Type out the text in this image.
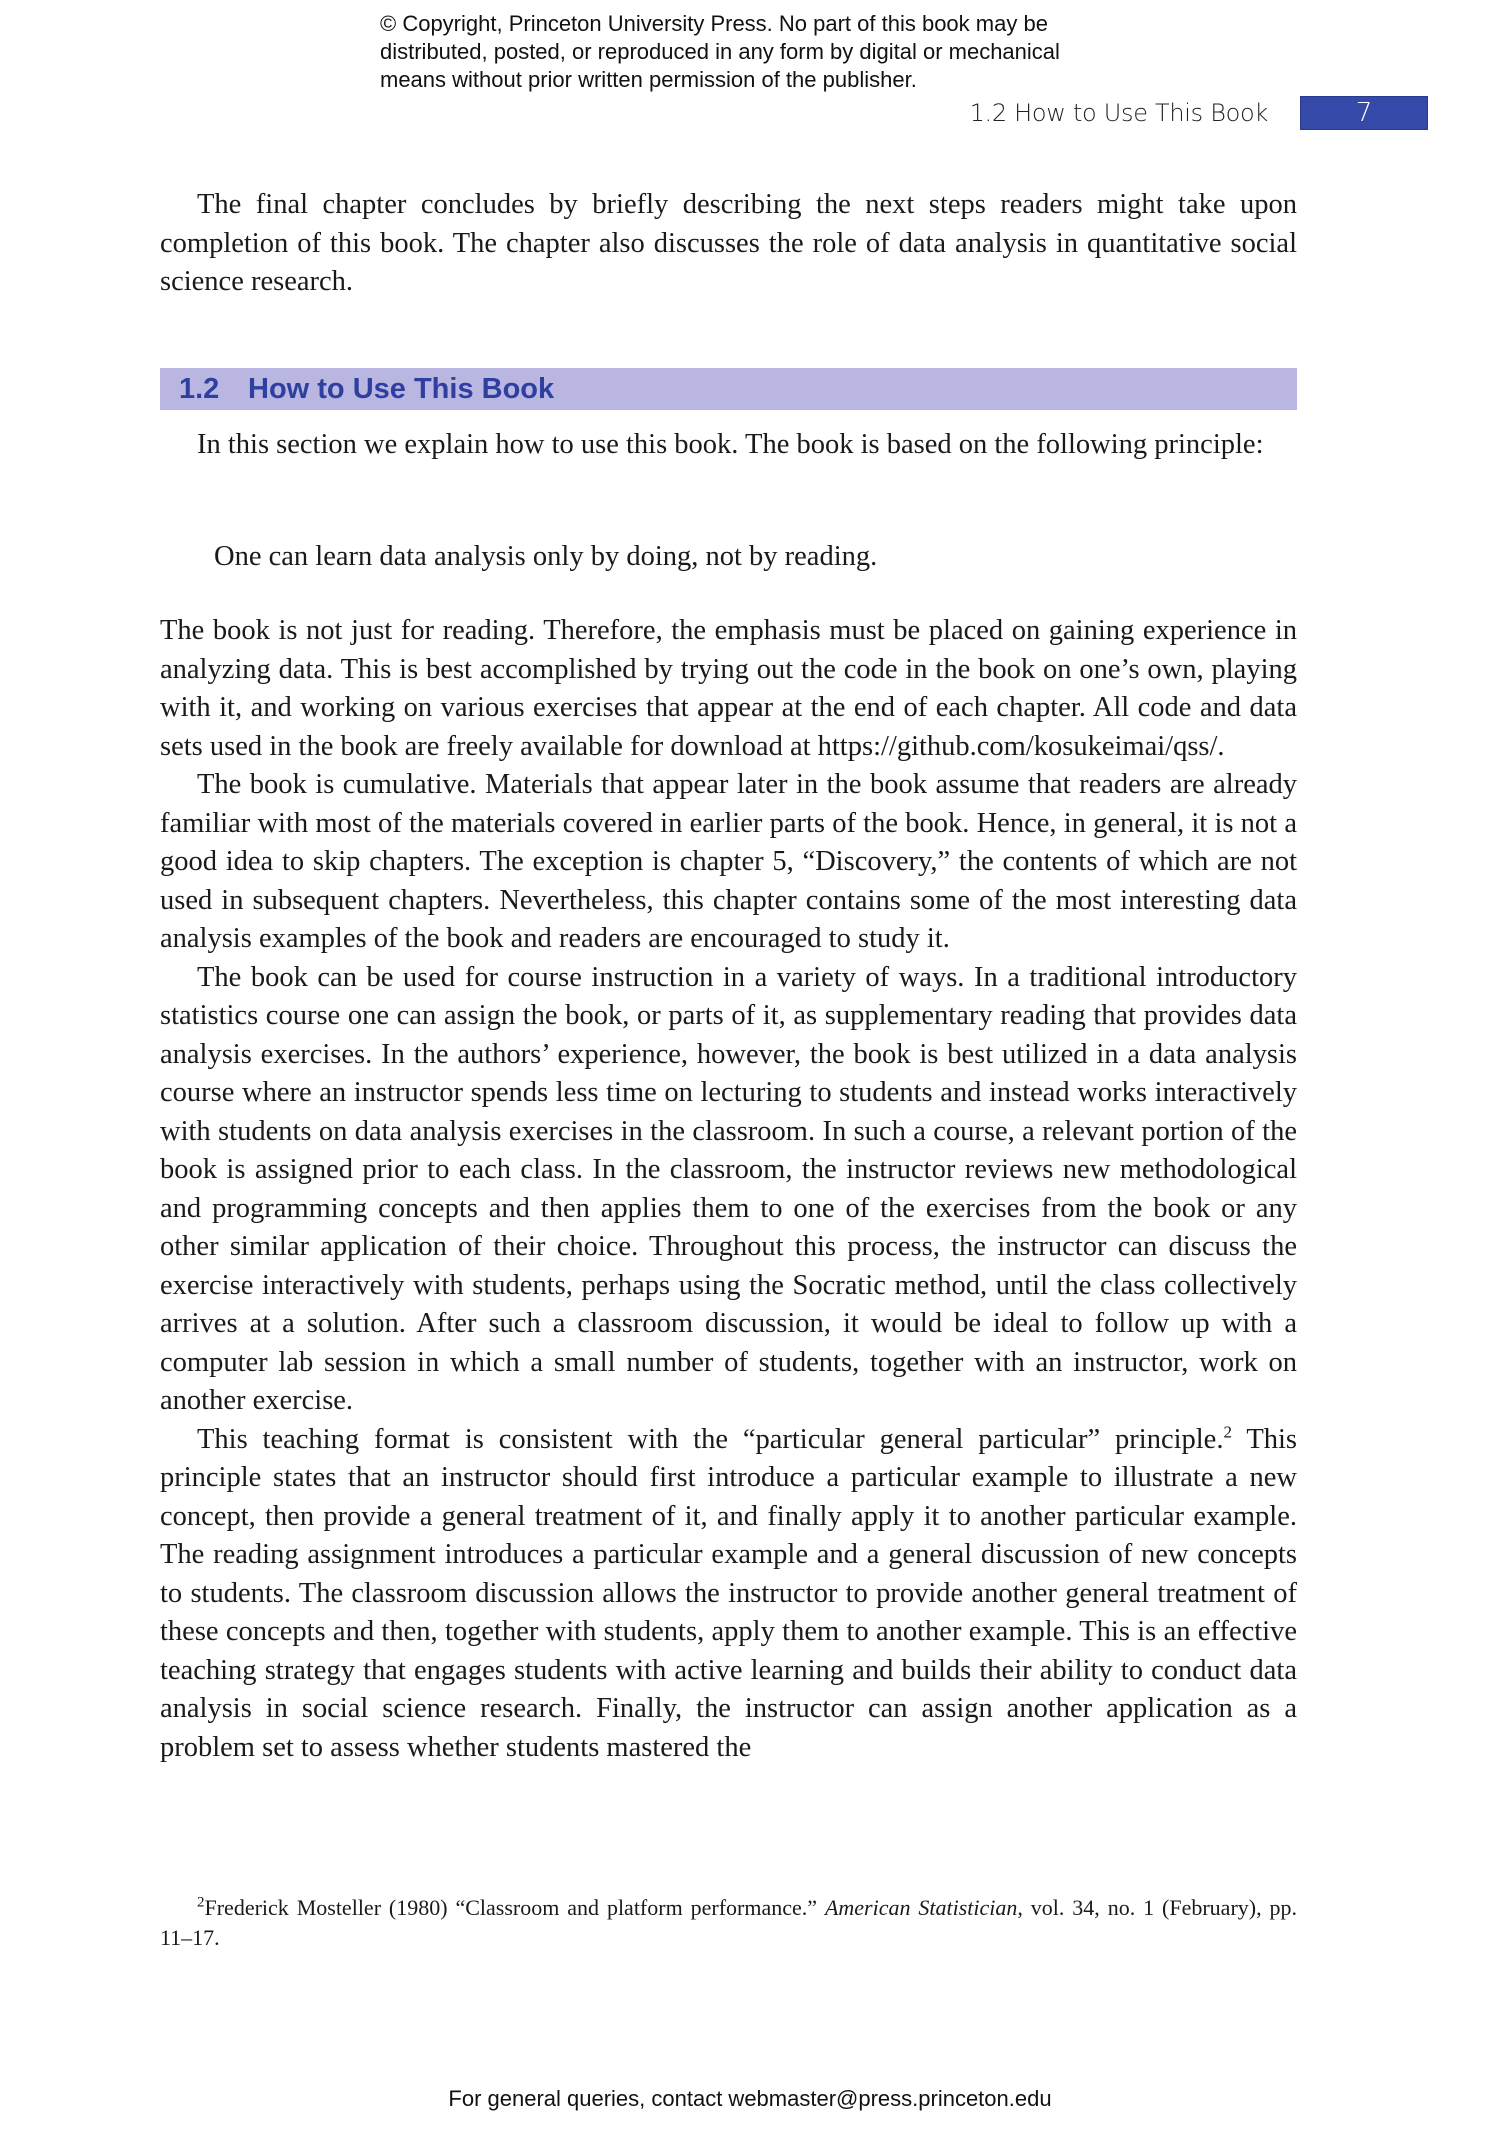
© Copyright, Princeton University Press. No part of this book may be
distributed, posted, or reproduced in any form by digital or mechanical
means without prior written permission of the publisher.
1.2 How to Use This Book	7

The final chapter concludes by briefly describing the next steps readers might take upon completion of this book. The chapter also discusses the role of data analysis in quantitative social science research.

1.2 How to Use This Book

In this section we explain how to use this book. The book is based on the following principle:

One can learn data analysis only by doing, not by reading.

The book is not just for reading. Therefore, the emphasis must be placed on gaining experience in analyzing data. This is best accomplished by trying out the code in the book on one’s own, playing with it, and working on various exercises that appear at the end of each chapter. All code and data sets used in the book are freely available for download at https://github.com/kosukeimai/qss/.

The book is cumulative. Materials that appear later in the book assume that readers are already familiar with most of the materials covered in earlier parts of the book. Hence, in general, it is not a good idea to skip chapters. The exception is chapter 5, “Discovery,” the contents of which are not used in subsequent chapters. Nevertheless, this chapter contains some of the most interesting data analysis examples of the book and readers are encouraged to study it.

The book can be used for course instruction in a variety of ways. In a traditional introductory statistics course one can assign the book, or parts of it, as supplementary reading that provides data analysis exercises. In the authors’ experience, however, the book is best utilized in a data analysis course where an instructor spends less time on lecturing to students and instead works interactively with students on data analysis exercises in the classroom. In such a course, a relevant portion of the book is assigned prior to each class. In the classroom, the instructor reviews new methodological and programming concepts and then applies them to one of the exercises from the book or any other similar application of their choice. Throughout this process, the instructor can discuss the exercise interactively with students, perhaps using the Socratic method, until the class collectively arrives at a solution. After such a classroom discussion, it would be ideal to follow up with a computer lab session in which a small number of students, together with an instructor, work on another exercise.

This teaching format is consistent with the “particular general particular” principle.$^2$ This principle states that an instructor should first introduce a particular example to illustrate a new concept, then provide a general treatment of it, and finally apply it to another particular example. The reading assignment introduces a particular example and a general discussion of new concepts to students. The classroom discussion allows the instructor to provide another general treatment of these concepts and then, together with students, apply them to another example. This is an effective teaching strategy that engages students with active learning and builds their ability to conduct data analysis in social science research. Finally, the instructor can assign another application as a problem set to assess whether students mastered the

$^2$Frederick Mosteller (1980) “Classroom and platform performance.” American Statistician, vol. 34, no. 1 (February), pp. 11–17.

For general queries, contact webmaster@press.princeton.edu
